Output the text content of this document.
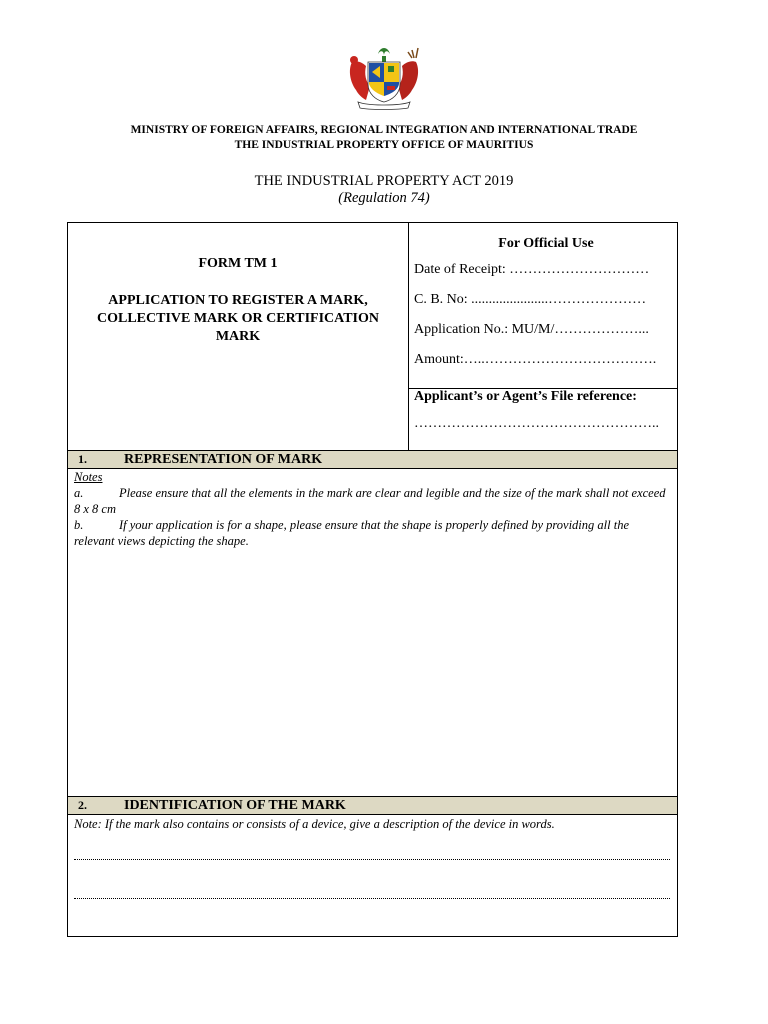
MINISTRY OF FOREIGN AFFAIRS, REGIONAL INTEGRATION AND INTERNATIONAL TRADE
THE INDUSTRIAL PROPERTY OFFICE OF MAURITIUS
THE INDUSTRIAL PROPERTY ACT 2019
(Regulation 74)
FORM TM 1
APPLICATION TO REGISTER A MARK, COLLECTIVE MARK OR CERTIFICATION MARK
For Official Use
Date of Receipt: …………………………
C. B. No: ......................…………………
Application No.: MU/M/………………...
Amount:…..……………………………….
Applicant’s or Agent’s File reference:
……………………………………………..
1.	REPRESENTATION OF MARK
Notes
a.	Please ensure that all the elements in the mark are clear and legible and the size of the mark shall not exceed 8 x 8 cm
b.	If your application is for a shape, please ensure that the shape is properly defined by providing all the relevant views depicting the shape.
2.	IDENTIFICATION OF THE MARK
Note: If the mark also contains or consists of a device, give a description of the device in words.
